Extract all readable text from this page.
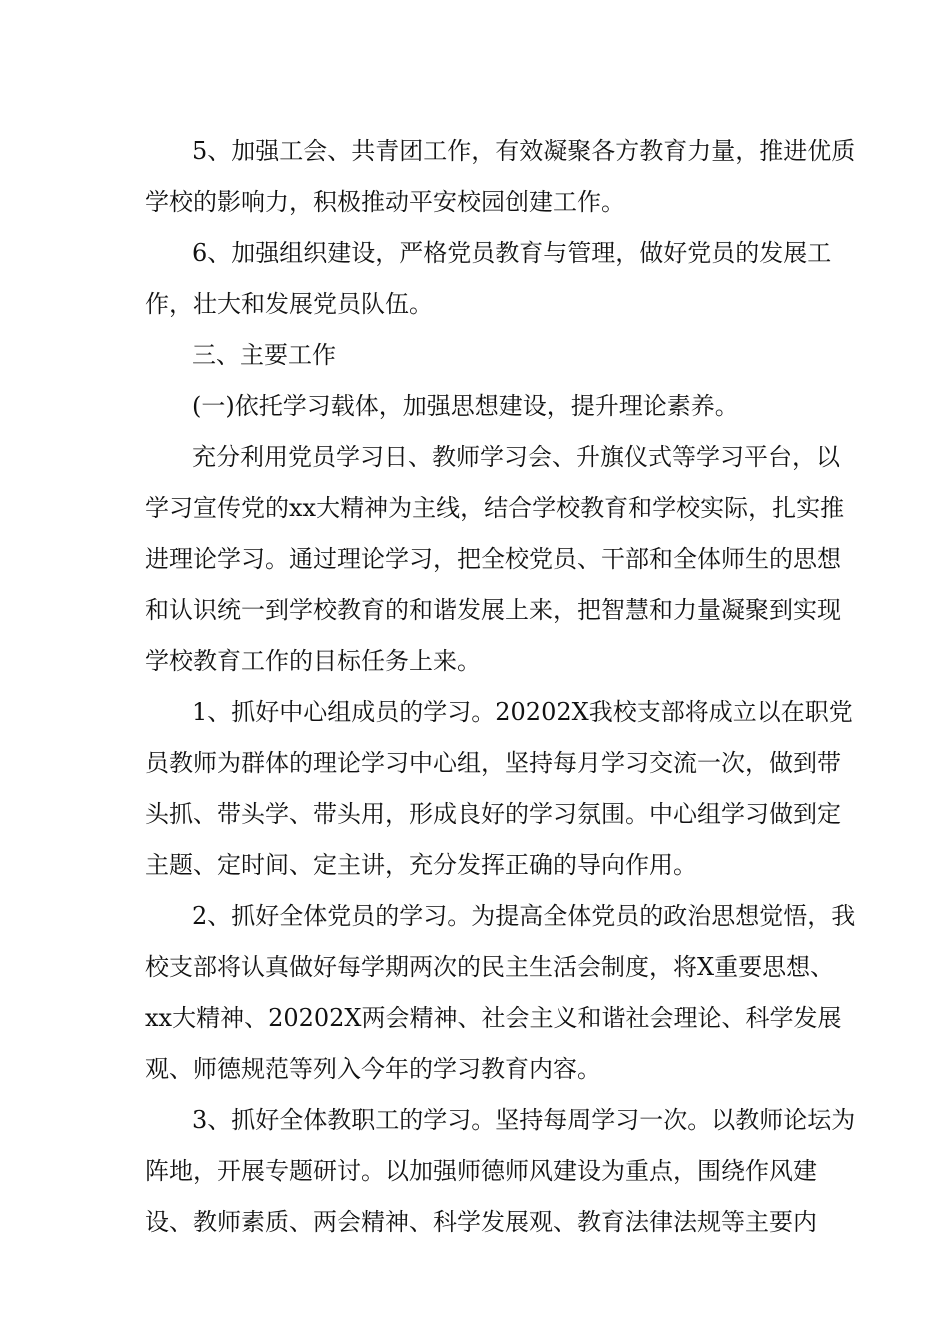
5、加强工会、共青团工作，有效凝聚各方教育力量，推进优质
学校的影响力，积极推动平安校园创建工作。
6、加强组织建设，严格党员教育与管理，做好党员的发展工
作，壮大和发展党员队伍。
三、主要工作
(一)依托学习载体，加强思想建设，提升理论素养。
充分利用党员学习日、教师学习会、升旗仪式等学习平台，以
学习宣传党的xx大精神为主线，结合学校教育和学校实际，扎实推
进理论学习。通过理论学习，把全校党员、干部和全体师生的思想
和认识统一到学校教育的和谐发展上来，把智慧和力量凝聚到实现
学校教育工作的目标任务上来。
1、抓好中心组成员的学习。20202X我校支部将成立以在职党
员教师为群体的理论学习中心组，坚持每月学习交流一次，做到带
头抓、带头学、带头用，形成良好的学习氛围。中心组学习做到定
主题、定时间、定主讲，充分发挥正确的导向作用。
2、抓好全体党员的学习。为提高全体党员的政治思想觉悟，我
校支部将认真做好每学期两次的民主生活会制度，将X重要思想、
xx大精神、20202X两会精神、社会主义和谐社会理论、科学发展
观、师德规范等列入今年的学习教育内容。
3、抓好全体教职工的学习。坚持每周学习一次。以教师论坛为
阵地，开展专题研讨。以加强师德师风建设为重点，围绕作风建
设、教师素质、两会精神、科学发展观、教育法律法规等主要内
